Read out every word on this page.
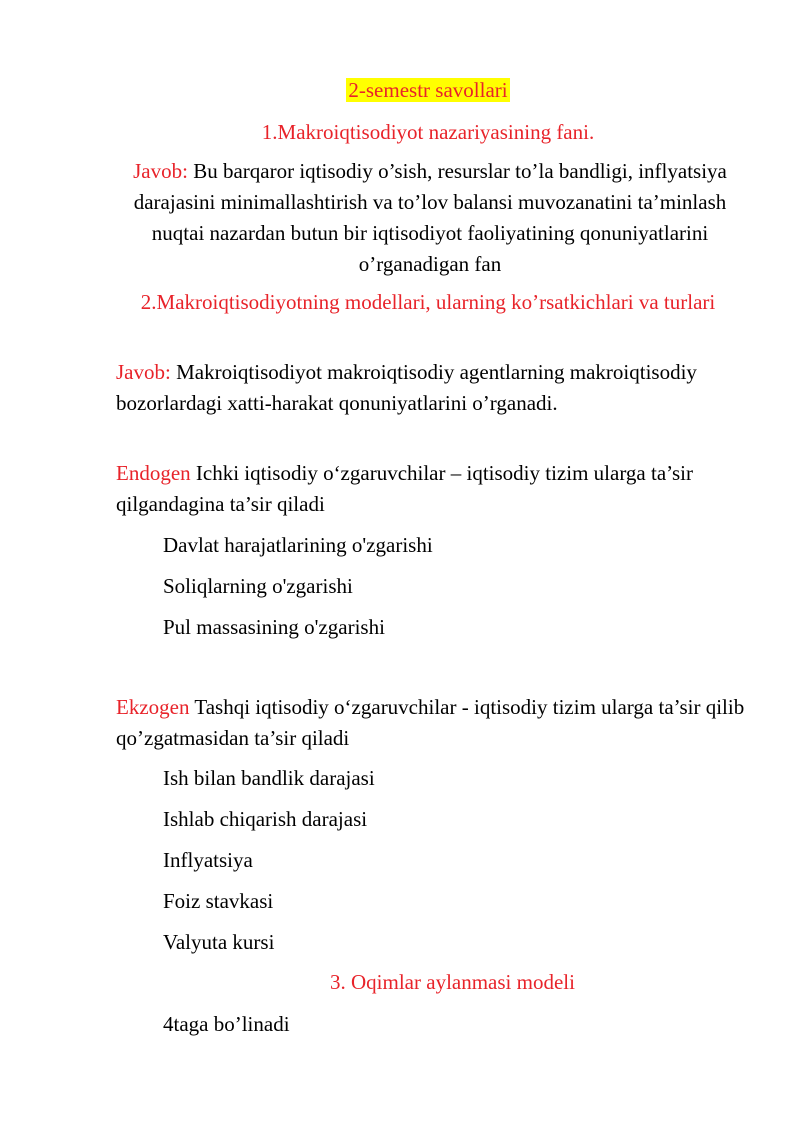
2-semestr savollari
1.Makroiqtisodiyot nazariyasining fani.
Javob: Bu barqaror iqtisodiy o’sish, resurslar to’la bandligi, inflyatsiya darajasini minimallashtirish va to’lov balansi muvozanatini ta’minlash nuqtai nazardan butun bir iqtisodiyot faoliyatining qonuniyatlarini o’rganadigan fan
2.Makroiqtisodiyotning modellari, ularning ko’rsatkichlari va turlari
Javob: Makroiqtisodiyot makroiqtisodiy agentlarning makroiqtisodiy bozorlardagi xatti-harakat qonuniyatlarini o’rganadi.
Endogen Ichki iqtisodiy o‘zgaruvchilar – iqtisodiy tizim ularga ta’sir qilgandagina ta’sir qiladi
Davlat harajatlarining o'zgarishi
Soliqlarning o'zgarishi
Pul massasining o'zgarishi
Ekzogen Tashqi iqtisodiy o‘zgaruvchilar - iqtisodiy tizim ularga ta’sir qilib qo’zgatmasidan ta’sir qiladi
Ish bilan bandlik darajasi
Ishlab chiqarish darajasi
Inflyatsiya
Foiz stavkasi
Valyuta kursi
3. Oqimlar aylanmasi modeli
4taga bo’linadi
